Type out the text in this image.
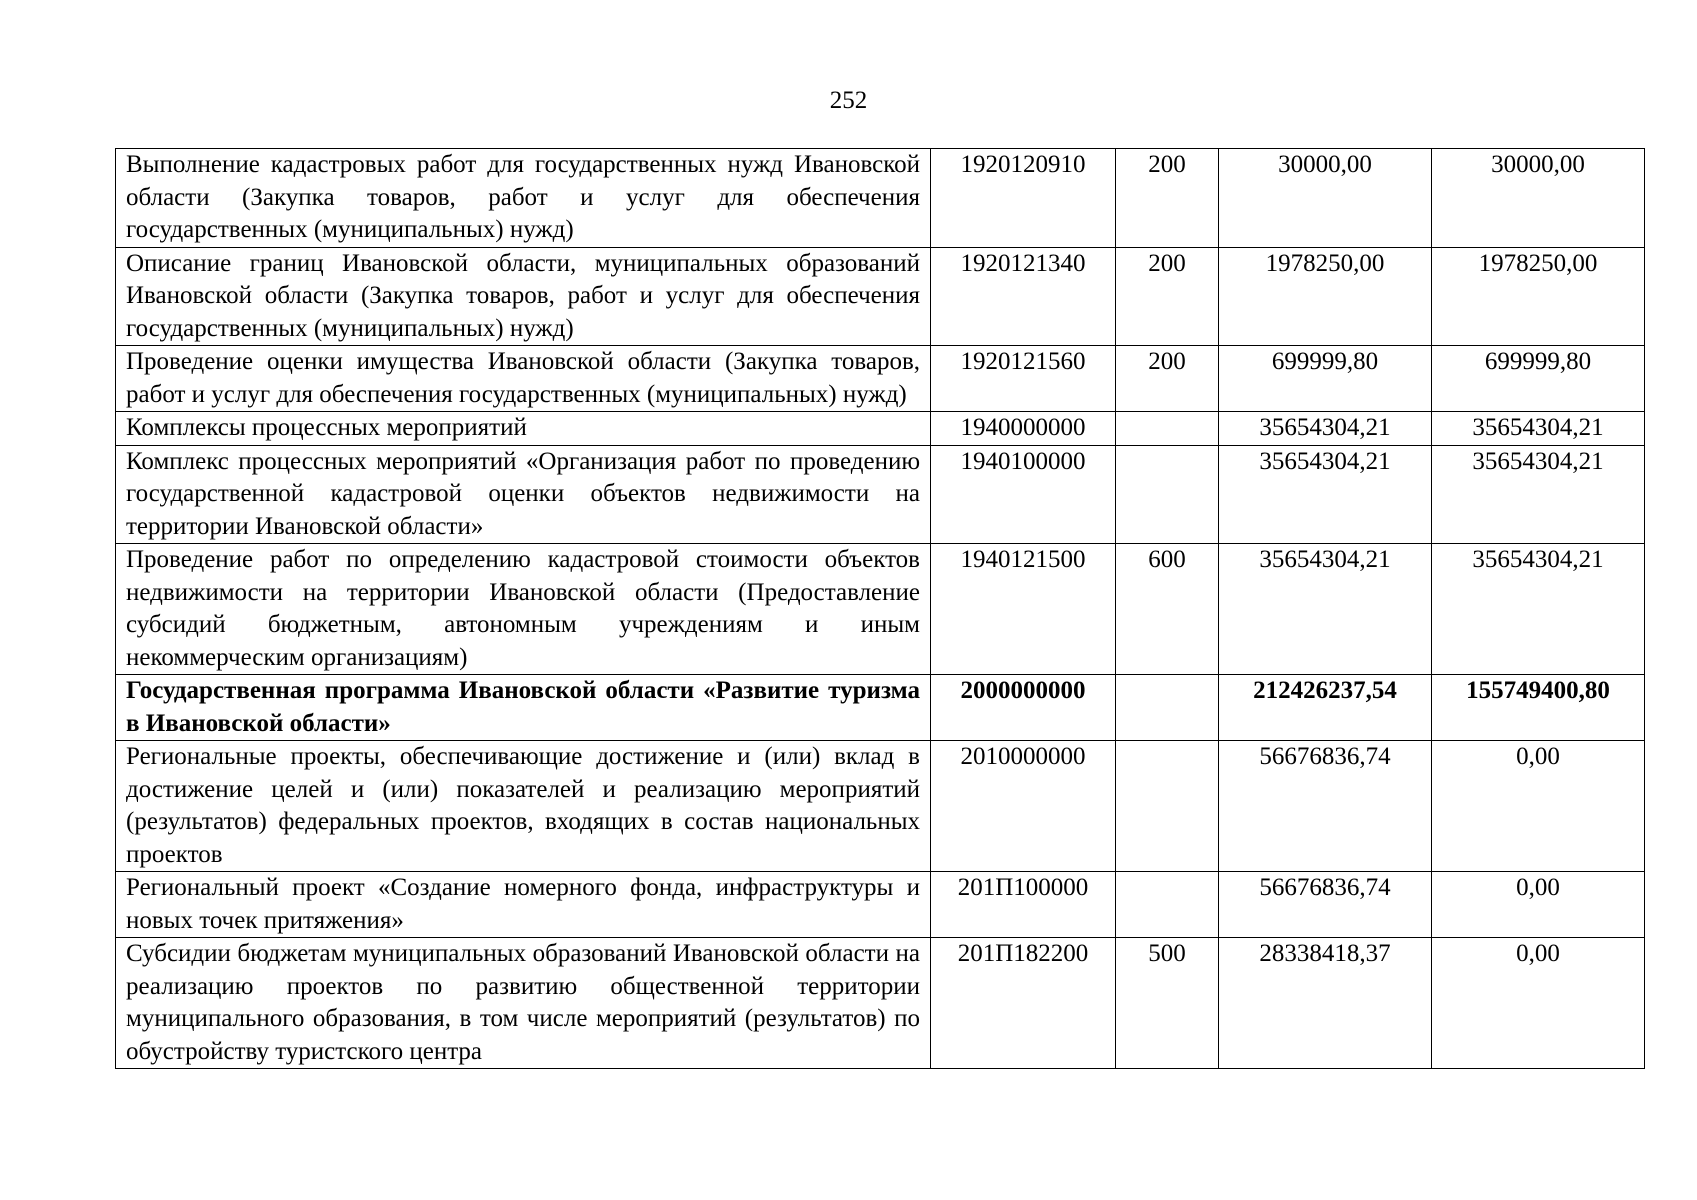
252
Выполнение кадастровых работ для государственных нужд Ивановской области (Закупка товаров, работ и услуг для обеспечения государственных (муниципальных) нужд)	1920120910	200	30000,00	30000,00
Описание границ Ивановской области, муниципальных образований Ивановской области (Закупка товаров, работ и услуг для обеспечения государственных (муниципальных) нужд)	1920121340	200	1978250,00	1978250,00
Проведение оценки имущества Ивановской области (Закупка товаров, работ и услуг для обеспечения государственных (муниципальных) нужд)	1920121560	200	699999,80	699999,80
Комплексы процессных мероприятий	1940000000		35654304,21	35654304,21
Комплекс процессных мероприятий «Организация работ по проведению государственной кадастровой оценки объектов недвижимости на территории Ивановской области»	1940100000		35654304,21	35654304,21
Проведение работ по определению кадастровой стоимости объектов недвижимости на территории Ивановской области (Предоставление субсидий бюджетным, автономным учреждениям и иным некоммерческим организациям)	1940121500	600	35654304,21	35654304,21
Государственная программа Ивановской области «Развитие туризма в Ивановской области»	2000000000		212426237,54	155749400,80
Региональные проекты, обеспечивающие достижение и (или) вклад в достижение целей и (или) показателей и реализацию мероприятий (результатов) федеральных проектов, входящих в состав национальных проектов	2010000000		56676836,74	0,00
Региональный проект «Создание номерного фонда, инфраструктуры и новых точек притяжения»	201П100000		56676836,74	0,00
Субсидии бюджетам муниципальных образований Ивановской области на реализацию проектов по развитию общественной территории муниципального образования, в том числе мероприятий (результатов) по обустройству туристского центра	201П182200	500	28338418,37	0,00
